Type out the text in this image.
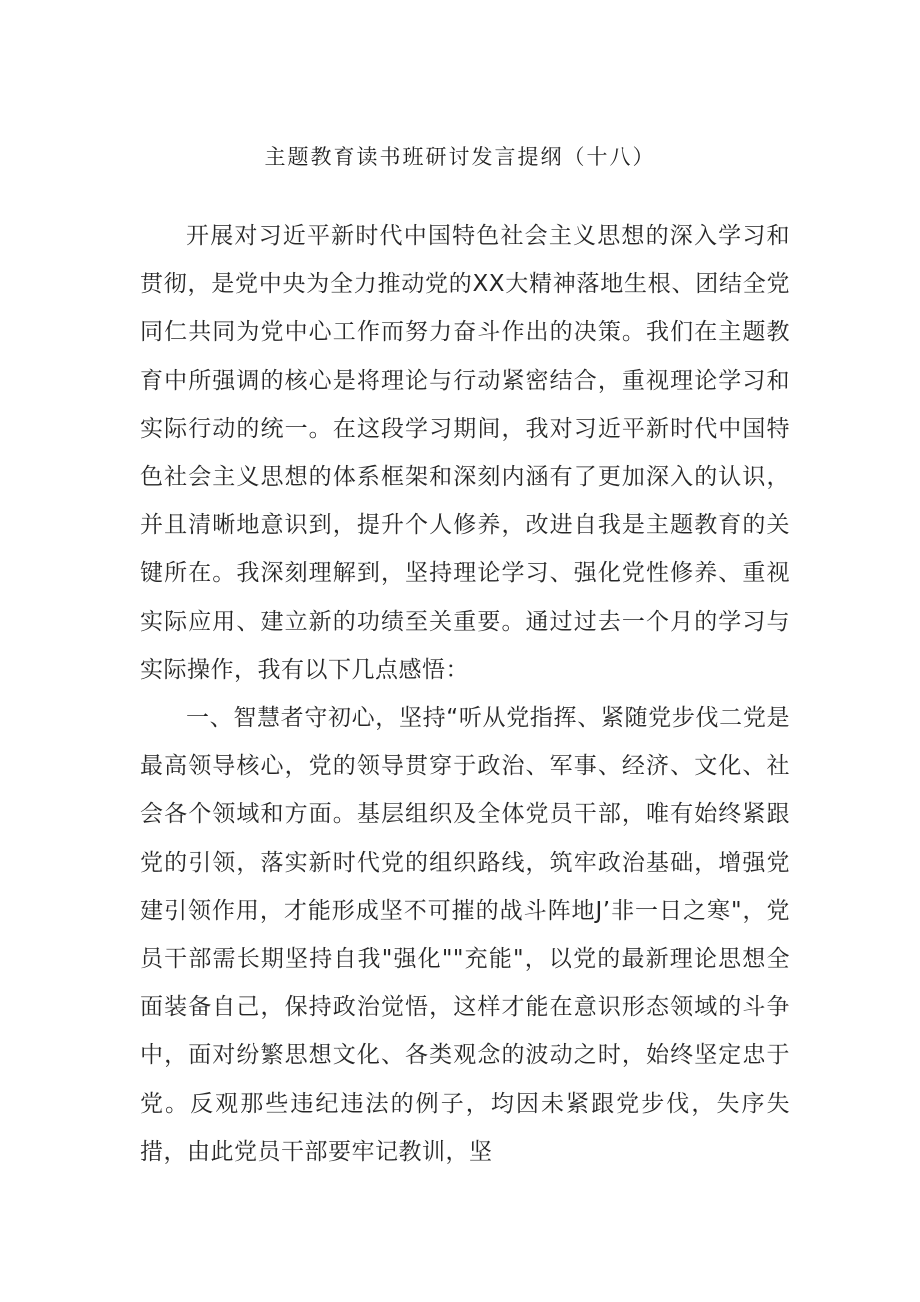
主题教育读书班研讨发言提纲（十八）

开展对习近平新时代中国特色社会主义思想的深入学习和贯彻，是党中央为全力推动党的XX大精神落地生根、团结全党同仁共同为党中心工作而努力奋斗作出的决策。我们在主题教育中所强调的核心是将理论与行动紧密结合，重视理论学习和实际行动的统一。在这段学习期间，我对习近平新时代中国特色社会主义思想的体系框架和深刻内涵有了更加深入的认识，并且清晰地意识到，提升个人修养，改进自我是主题教育的关键所在。我深刻理解到，坚持理论学习、强化党性修养、重视实际应用、建立新的功绩至关重要。通过过去一个月的学习与实际操作，我有以下几点感悟：

一、智慧者守初心，坚持“听从党指挥、紧随党步伐二党是最高领导核心，党的领导贯穿于政治、军事、经济、文化、社会各个领域和方面。基层组织及全体党员干部，唯有始终紧跟党的引领，落实新时代党的组织路线，筑牢政治基础，增强党建引领作用，才能形成坚不可摧的战斗阵地J’非一日之寒"，党员干部需长期坚持自我"强化""充能"，以党的最新理论思想全面装备自己，保持政治觉悟，这样才能在意识形态领域的斗争中，面对纷繁思想文化、各类观念的波动之时，始终坚定忠于党。反观那些违纪违法的例子，均因未紧跟党步伐，失序失措，由此党员干部要牢记教训，坚
